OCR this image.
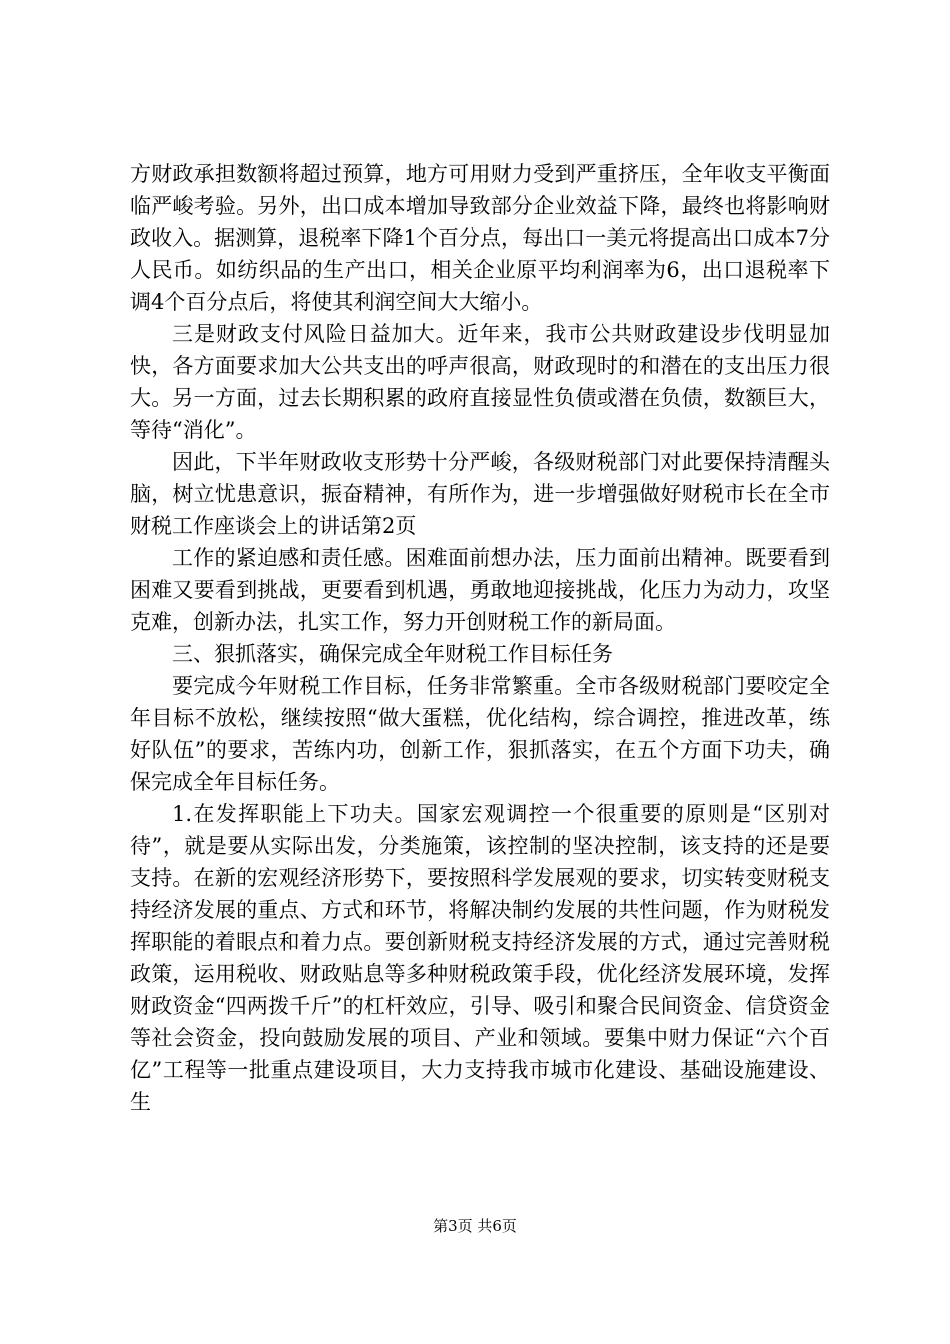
方财政承担数额将超过预算，地方可用财力受到严重挤压，全年收支平衡面临严峻考验。另外，出口成本增加导致部分企业效益下降，最终也将影响财政收入。据测算，退税率下降1个百分点，每出口一美元将提高出口成本7分人民币。如纺织品的生产出口，相关企业原平均利润率为6，出口退税率下调4个百分点后，将使其利润空间大大缩小。

三是财政支付风险日益加大。近年来，我市公共财政建设步伐明显加快，各方面要求加大公共支出的呼声很高，财政现时的和潜在的支出压力很大。另一方面，过去长期积累的政府直接显性负债或潜在负债，数额巨大，等待“消化”。

因此，下半年财政收支形势十分严峻，各级财税部门对此要保持清醒头脑，树立忧患意识，振奋精神，有所作为，进一步增强做好财税市长在全市财税工作座谈会上的讲话第2页

工作的紧迫感和责任感。困难面前想办法，压力面前出精神。既要看到困难又要看到挑战，更要看到机遇，勇敢地迎接挑战，化压力为动力，攻坚克难，创新办法，扎实工作，努力开创财税工作的新局面。

三、狠抓落实，确保完成全年财税工作目标任务

要完成今年财税工作目标，任务非常繁重。全市各级财税部门要咬定全年目标不放松，继续按照“做大蛋糕，优化结构，综合调控，推进改革，练好队伍”的要求，苦练内功，创新工作，狠抓落实，在五个方面下功夫，确保完成全年目标任务。

1.在发挥职能上下功夫。国家宏观调控一个很重要的原则是“区别对待”，就是要从实际出发，分类施策，该控制的坚决控制，该支持的还是要支持。在新的宏观经济形势下，要按照科学发展观的要求，切实转变财税支持经济发展的重点、方式和环节，将解决制约发展的共性问题，作为财税发挥职能的着眼点和着力点。要创新财税支持经济发展的方式，通过完善财税政策，运用税收、财政贴息等多种财税政策手段，优化经济发展环境，发挥财政资金“四两拨千斤”的杠杆效应，引导、吸引和聚合民间资金、信贷资金等社会资金，投向鼓励发展的项目、产业和领域。要集中财力保证“六个百亿”工程等一批重点建设项目，大力支持我市城市化建设、基础设施建设、生

第3页 共6页
